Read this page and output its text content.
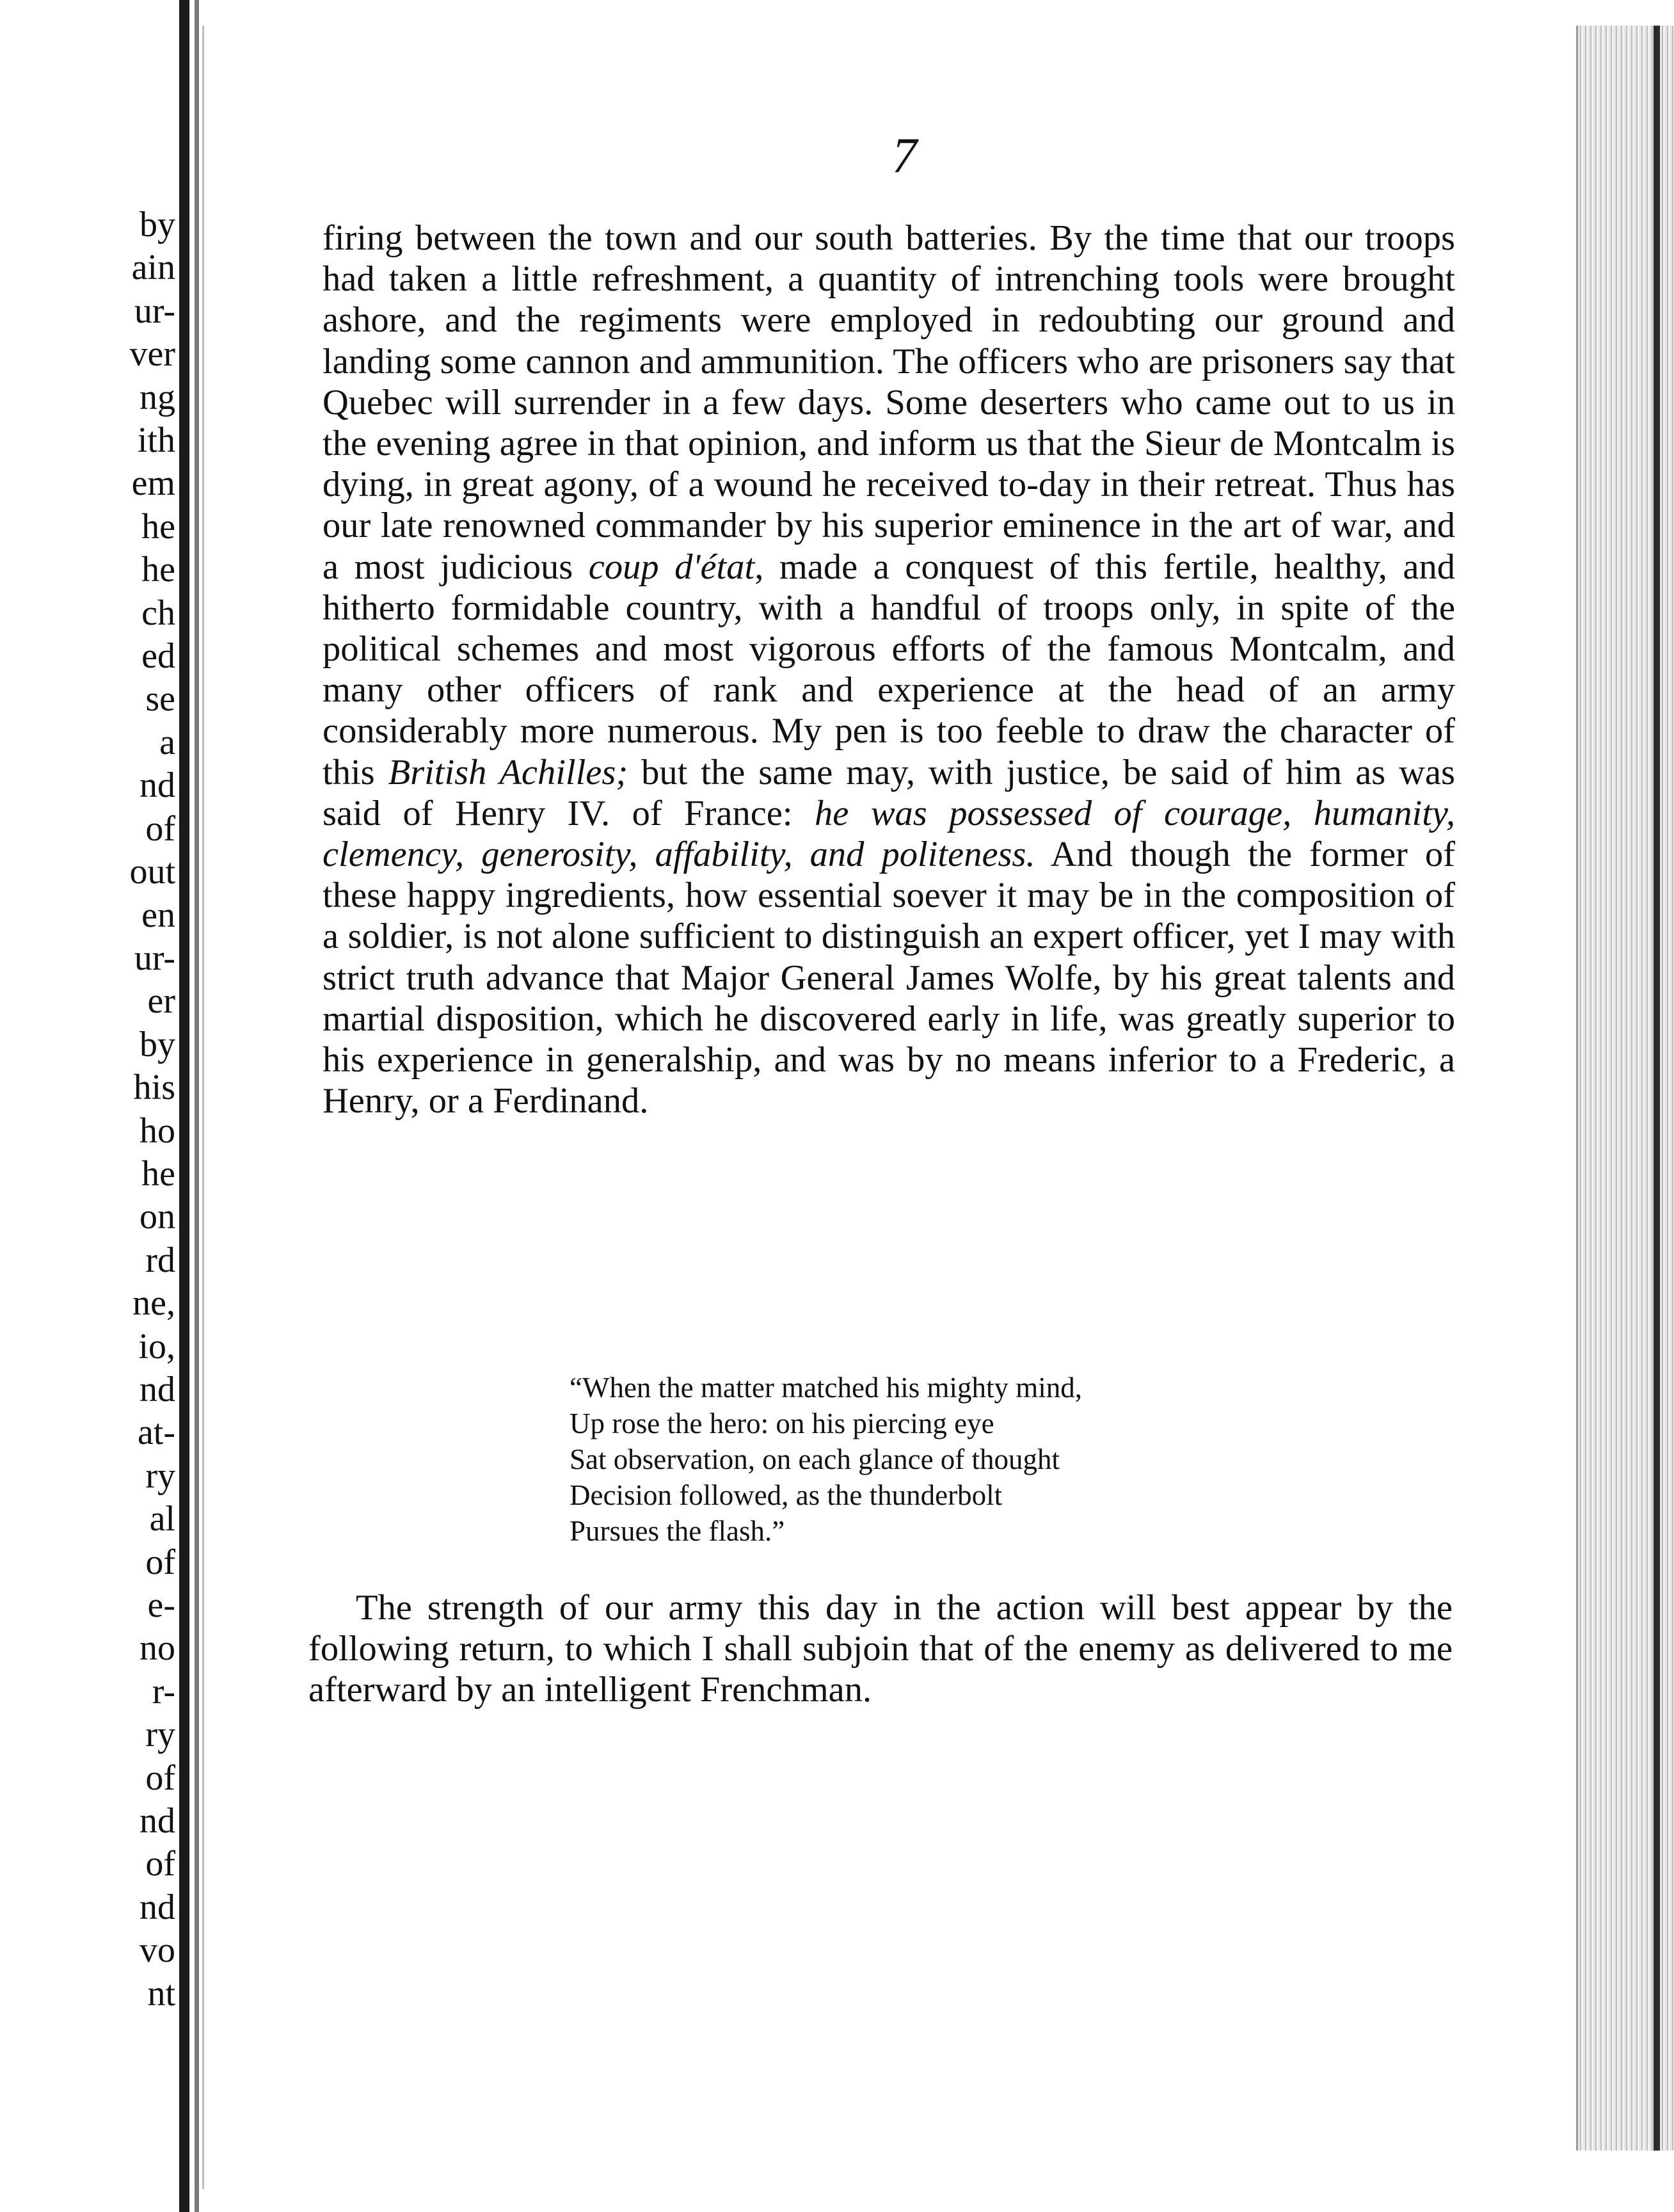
by
ain
ur-
ver
ng
ith
em
he
he
ch
ed
se
a
nd
of
out
en
ur-
er
by
his
ho
he
on
rd
ne,
io,
nd
at-
ry
al
of
e-
no
r-
ry
of
nd
of
nd
vo
nt
7

firing between the town and our south batteries. By the time that our troops had taken a little refreshment, a quantity of intrenching tools were brought ashore, and the regiments were employed in redoubting our ground and landing some cannon and ammunition. The officers who are prisoners say that Quebec will surrender in a few days. Some deserters who came out to us in the evening agree in that opinion, and inform us that the Sieur de Montcalm is dying, in great agony, of a wound he received to-day in their retreat. Thus has our late renowned commander by his superior eminence in the art of war, and a most judicious coup d'état, made a conquest of this fertile, healthy, and hitherto formidable country, with a handful of troops only, in spite of the political schemes and most vigorous efforts of the famous Montcalm, and many other officers of rank and experience at the head of an army considerably more numerous. My pen is too feeble to draw the character of this British Achilles; but the same may, with justice, be said of him as was said of Henry IV. of France: he was possessed of courage, humanity, clemency, generosity, affability, and politeness. And though the former of these happy ingredients, how essential soever it may be in the composition of a soldier, is not alone sufficient to distinguish an expert officer, yet I may with strict truth advance that Major General James Wolfe, by his great talents and martial disposition, which he discovered early in life, was greatly superior to his experience in generalship, and was by no means inferior to a Frederic, a Henry, or a Ferdinand.

“When the matter matched his mighty mind,
Up rose the hero: on his piercing eye
Sat observation, on each glance of thought
Decision followed, as the thunderbolt
Pursues the flash.”

The strength of our army this day in the action will best appear by the following return, to which I shall subjoin that of the enemy as delivered to me afterward by an intelligent Frenchman.
